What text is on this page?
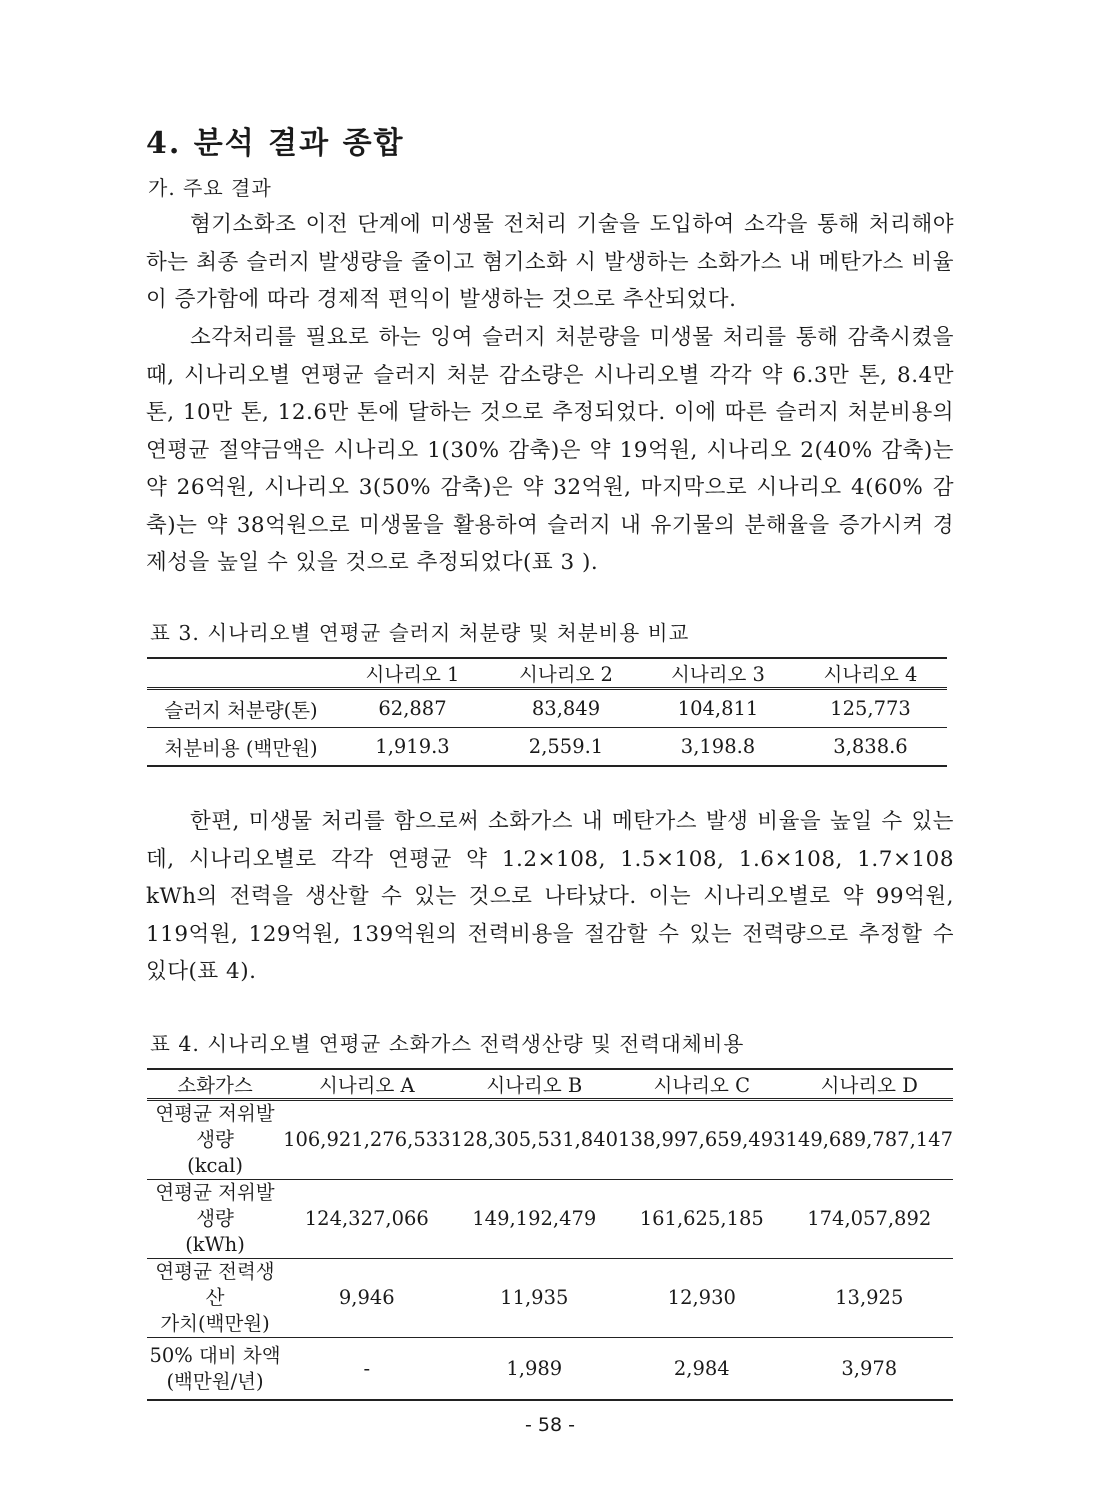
4. 분석 결과 종합
가. 주요 결과

혐기소화조 이전 단계에 미생물 전처리 기술을 도입하여 소각을 통해 처리해야 하는 최종 슬러지 발생량을 줄이고 혐기소화 시 발생하는 소화가스 내 메탄가스 비율이 증가함에 따라 경제적 편익이 발생하는 것으로 추산되었다.

소각처리를 필요로 하는 잉여 슬러지 처분량을 미생물 처리를 통해 감축시켰을 때, 시나리오별 연평균 슬러지 처분 감소량은 시나리오별 각각 약 6.3만 톤, 8.4만 톤, 10만 톤, 12.6만 톤에 달하는 것으로 추정되었다. 이에 따른 슬러지 처분비용의 연평균 절약금액은 시나리오 1(30% 감축)은 약 19억원, 시나리오 2(40% 감축)는 약 26억원, 시나리오 3(50% 감축)은 약 32억원, 마지막으로 시나리오 4(60% 감축)는 약 38억원으로 미생물을 활용하여 슬러지 내 유기물의 분해율을 증가시켜 경제성을 높일 수 있을 것으로 추정되었다(표 3 ).

표 3. 시나리오별 연평균 슬러지 처분량 및 처분비용 비교
	시나리오 1	시나리오 2	시나리오 3	시나리오 4
슬러지 처분량(톤)	62,887	83,849	104,811	125,773
처분비용 (백만원)	1,919.3	2,559.1	3,198.8	3,838.6

한편, 미생물 처리를 함으로써 소화가스 내 메탄가스 발생 비율을 높일 수 있는데, 시나리오별로 각각 연평균 약 1.2×108, 1.5×108, 1.6×108, 1.7×108 kWh의 전력을 생산할 수 있는 것으로 나타났다. 이는 시나리오별로 약 99억원, 119억원, 129억원, 139억원의 전력비용을 절감할 수 있는 전력량으로 추정할 수 있다(표 4).

표 4. 시나리오별 연평균 소화가스 전력생산량 및 전력대체비용
소화가스	시나리오 A	시나리오 B	시나리오 C	시나리오 D
연평균 저위발생량
(kcal)	106,921,276,533	128,305,531,840	138,997,659,493	149,689,787,147
연평균 저위발생량
(kWh)	124,327,066	149,192,479	161,625,185	174,057,892
연평균 전력생산
가치(백만원)	9,946	11,935	12,930	13,925
50% 대비 차액
(백만원/년)	-	1,989	2,984	3,978
- 58 -
